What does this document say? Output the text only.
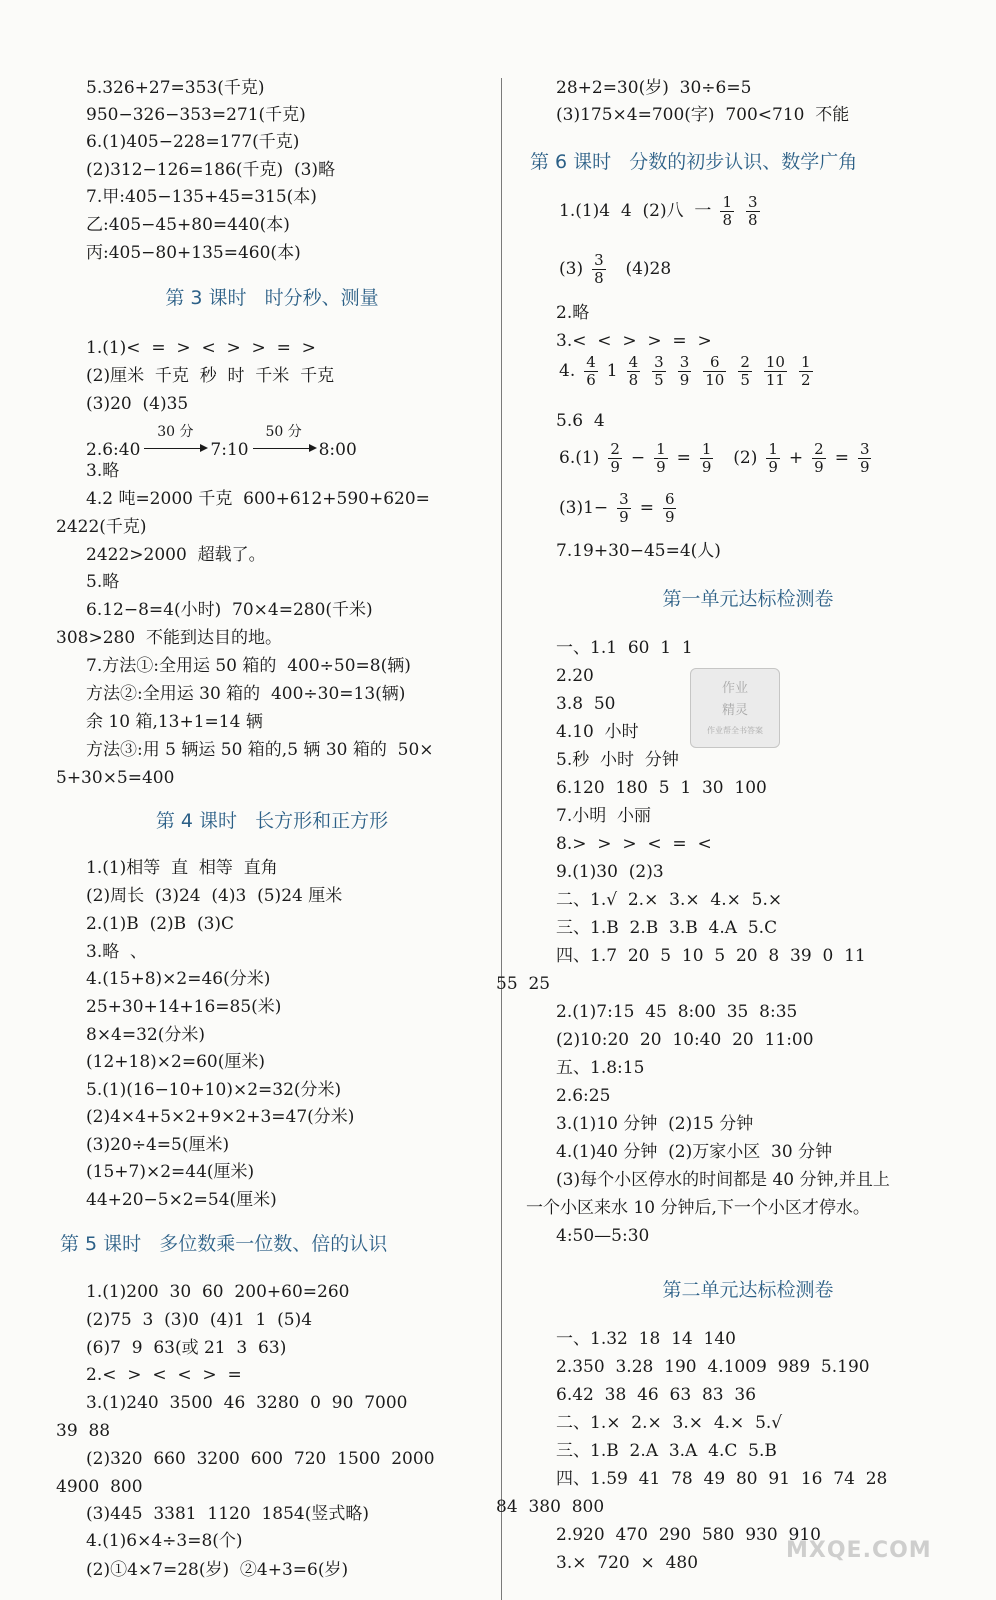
5.326+27=353(千克)
950−326−353=271(千克)
6.(1)405−228=177(千克)
(2)312−126=186(千克)  (3)略
7.甲:405−135+45=315(本)
乙:405−45+80=440(本)
丙:405−80+135=460(本)
第 3 课时   时分秒、测量
1.(1)<  =  >  <  >  >  =  >
(2)厘米  千克  秒  时  千米  千克
(3)20  (4)35
2.6:40
30 分
7:10
50 分
8:00
3.略
4.2 吨=2000 千克  600+612+590+620=
2422(千克)
2422>2000  超载了。
5.略
6.12−8=4(小时)  70×4=280(千米)
308>280  不能到达目的地。
7.方法①:全用运 50 箱的  400÷50=8(辆)
方法②:全用运 30 箱的  400÷30=13(辆)
余 10 箱,13+1=14 辆
方法③:用 5 辆运 50 箱的,5 辆 30 箱的  50×
5+30×5=400
第 4 课时   长方形和正方形
1.(1)相等  直  相等  直角
(2)周长  (3)24  (4)3  (5)24 厘米
2.(1)B  (2)B  (3)C
3.略  、
4.(15+8)×2=46(分米)
25+30+14+16=85(米)
8×4=32(分米)
(12+18)×2=60(厘米)
5.(1)(16−10+10)×2=32(分米)
(2)4×4+5×2+9×2+3=47(分米)
(3)20÷4=5(厘米)
(15+7)×2=44(厘米)
44+20−5×2=54(厘米)
第 5 课时   多位数乘一位数、倍的认识
1.(1)200  30  60  200+60=260
(2)75  3  (3)0  (4)1  1  (5)4
(6)7  9  63(或 21  3  63)
2.<  >  <  <  >  =
3.(1)240  3500  46  3280  0  90  7000
39  88
(2)320  660  3200  600  720  1500  2000
4900  800
(3)445  3381  1120  1854(竖式略)
4.(1)6×4÷3=8(个)
(2)①4×7=28(岁)  ②4+3=6(岁)
28+2=30(岁)  30÷6=5
(3)175×4=700(字)  700<710  不能
第 6 课时   分数的初步认识、数学广角
1.(1)4  4  (2)八  一 $\frac{1}{8} \frac{3}{8}$
$(3) \frac{3}{8} (4)28$
2.略
3.<  <  >  >  =  >
4. $\frac{4}{6} 1 \frac{4}{8} \frac{3}{5} \frac{3}{9} \frac{6}{10} \frac{2}{5} \frac{10}{11} \frac{1}{2}$
5.6  4
$6.(1) \frac{2}{9} - \frac{1}{9} = \frac{1}{9} (2) \frac{1}{9} + \frac{2}{9} = \frac{3}{9}$
$(3)1- \frac{3}{9} = \frac{6}{9}$
7.19+30−45=4(人)
第一单元达标检测卷
一、1.1  60  1  1
2.20
3.8  50
4.10  小时
5.秒  小时  分钟
6.120  180  5  1  30  100
7.小明  小丽
8.>  >  >  <  =  <
9.(1)30  (2)3
二、1.√  2.×  3.×  4.×  5.×
三、1.B  2.B  3.B  4.A  5.C
四、1.7  20  5  10  5  20  8  39  0  11
55  25
2.(1)7:15  45  8:00  35  8:35
(2)10:20  20  10:40  20  11:00
五、1.8:15
2.6:25
3.(1)10 分钟  (2)15 分钟
4.(1)40 分钟  (2)万家小区  30 分钟
(3)每个小区停水的时间都是 40 分钟,并且上
一个小区来水 10 分钟后,下一个小区才停水。
4:50—5:30
第二单元达标检测卷
一、1.32  18  14  140
2.350  3.28  190  4.1009  989  5.190
6.42  38  46  63  83  36
二、1.×  2.×  3.×  4.×  5.√
三、1.B  2.A  3.A  4.C  5.B
四、1.59  41  78  49  80  91  16  74  28
84  380  800
2.920  470  290  580  930  910
3.×  720  ×  480
作业
精灵
作业帮全书答案
MXQE.COM
